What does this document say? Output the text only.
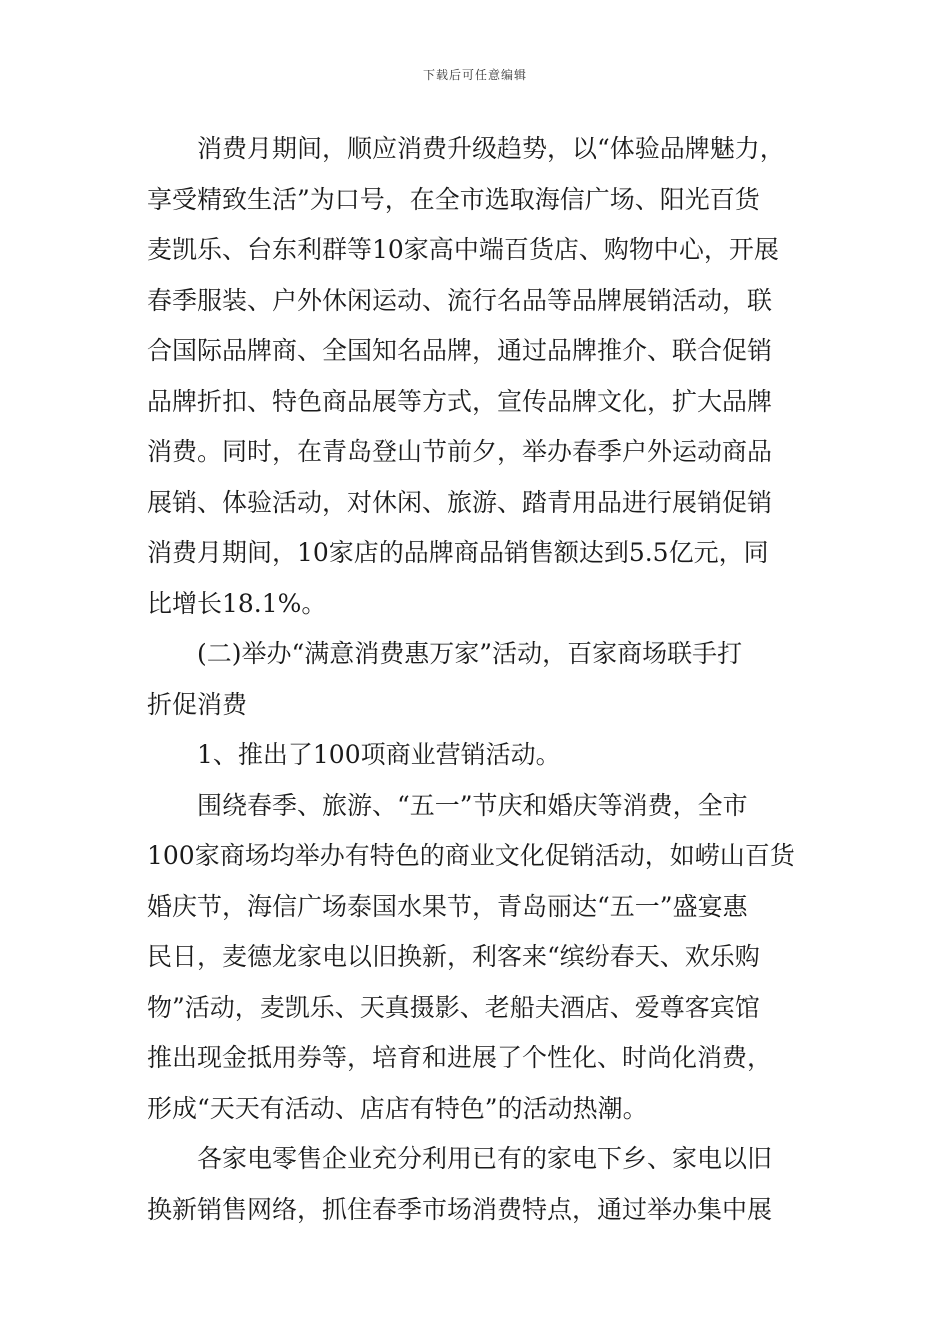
下载后可任意编辑
消费月期间，顺应消费升级趋势，以“体验品牌魅力，
享受精致生活”为口号，在全市选取海信广场、阳光百货
麦凯乐、台东利群等10家高中端百货店、购物中心，开展
春季服装、户外休闲运动、流行名品等品牌展销活动，联
合国际品牌商、全国知名品牌，通过品牌推介、联合促销
品牌折扣、特色商品展等方式，宣传品牌文化，扩大品牌
消费。同时，在青岛登山节前夕，举办春季户外运动商品
展销、体验活动，对休闲、旅游、踏青用品进行展销促销
消费月期间，10家店的品牌商品销售额达到5.5亿元，同
比增长18.1%。
(二)举办“满意消费惠万家”活动，百家商场联手打
折促消费
1、推出了100项商业营销活动。
围绕春季、旅游、“五一”节庆和婚庆等消费，全市
100家商场均举办有特色的商业文化促销活动，如崂山百货
婚庆节，海信广场泰国水果节，青岛丽达“五一”盛宴惠
民日，麦德龙家电以旧换新，利客来“缤纷春天、欢乐购
物”活动，麦凯乐、天真摄影、老船夫酒店、爱尊客宾馆
推出现金抵用券等，培育和进展了个性化、时尚化消费，
形成“天天有活动、店店有特色”的活动热潮。
各家电零售企业充分利用已有的家电下乡、家电以旧
换新销售网络，抓住春季市场消费特点，通过举办集中展
